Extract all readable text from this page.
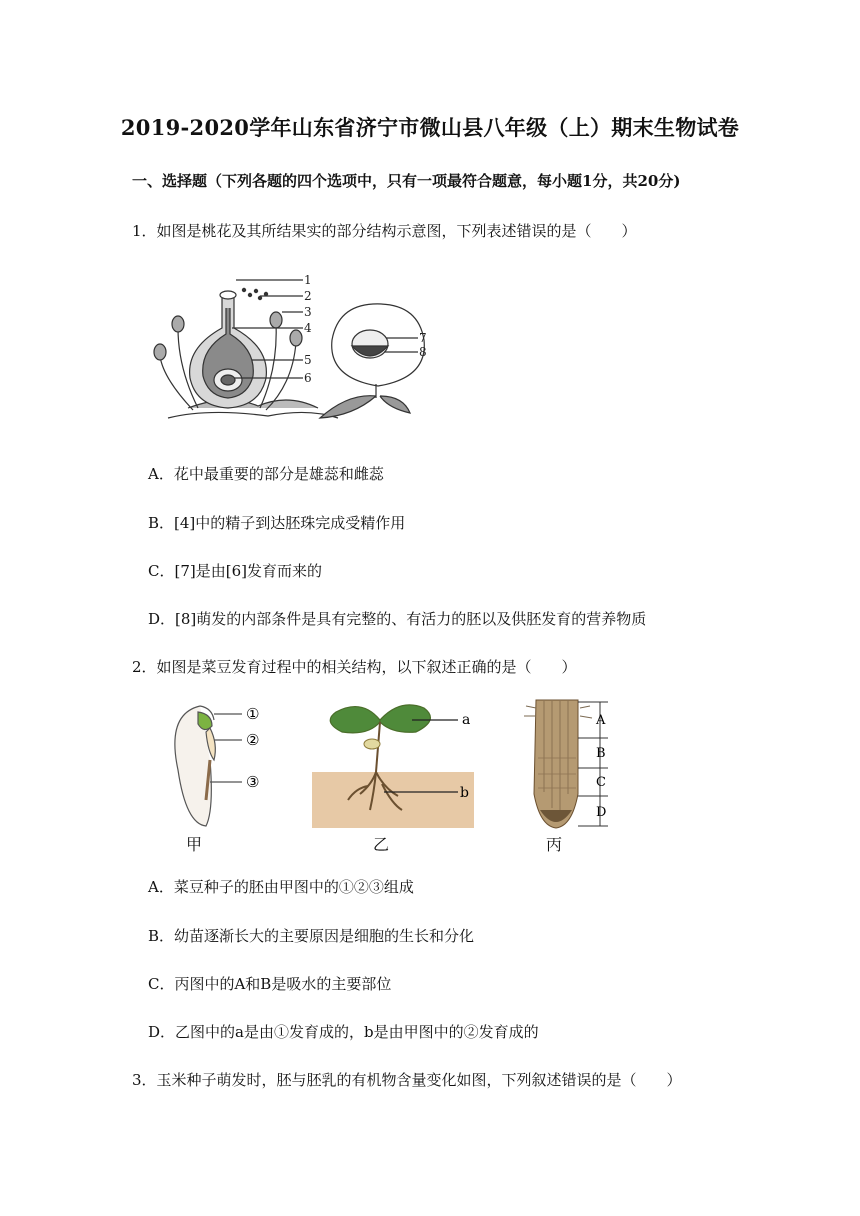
2019-2020学年山东省济宁市微山县八年级（上）期末生物试卷
一、选择题（下列各题的四个选项中，只有一项最符合题意，每小题1分，共20分)
1．如图是桃花及其所结果实的部分结构示意图，下列表述错误的是（　　）
1
2
3
4
5
6
7
8
A．花中最重要的部分是雄蕊和雌蕊
B．[4]中的精子到达胚珠完成受精作用
C．[7]是由[6]发育而来的
D．[8]萌发的内部条件是具有完整的、有活力的胚以及供胚发育的营养物质
2．如图是菜豆发育过程中的相关结构，以下叙述正确的是（　　）
①
②
③
甲
a
b
乙
A
B
C
D
丙
A．菜豆种子的胚由甲图中的①②③组成
B．幼苗逐渐长大的主要原因是细胞的生长和分化
C．丙图中的A和B是吸水的主要部位
D．乙图中的a是由①发育成的，b是由甲图中的②发育成的
3．玉米种子萌发时，胚与胚乳的有机物含量变化如图，下列叙述错误的是（　　）
